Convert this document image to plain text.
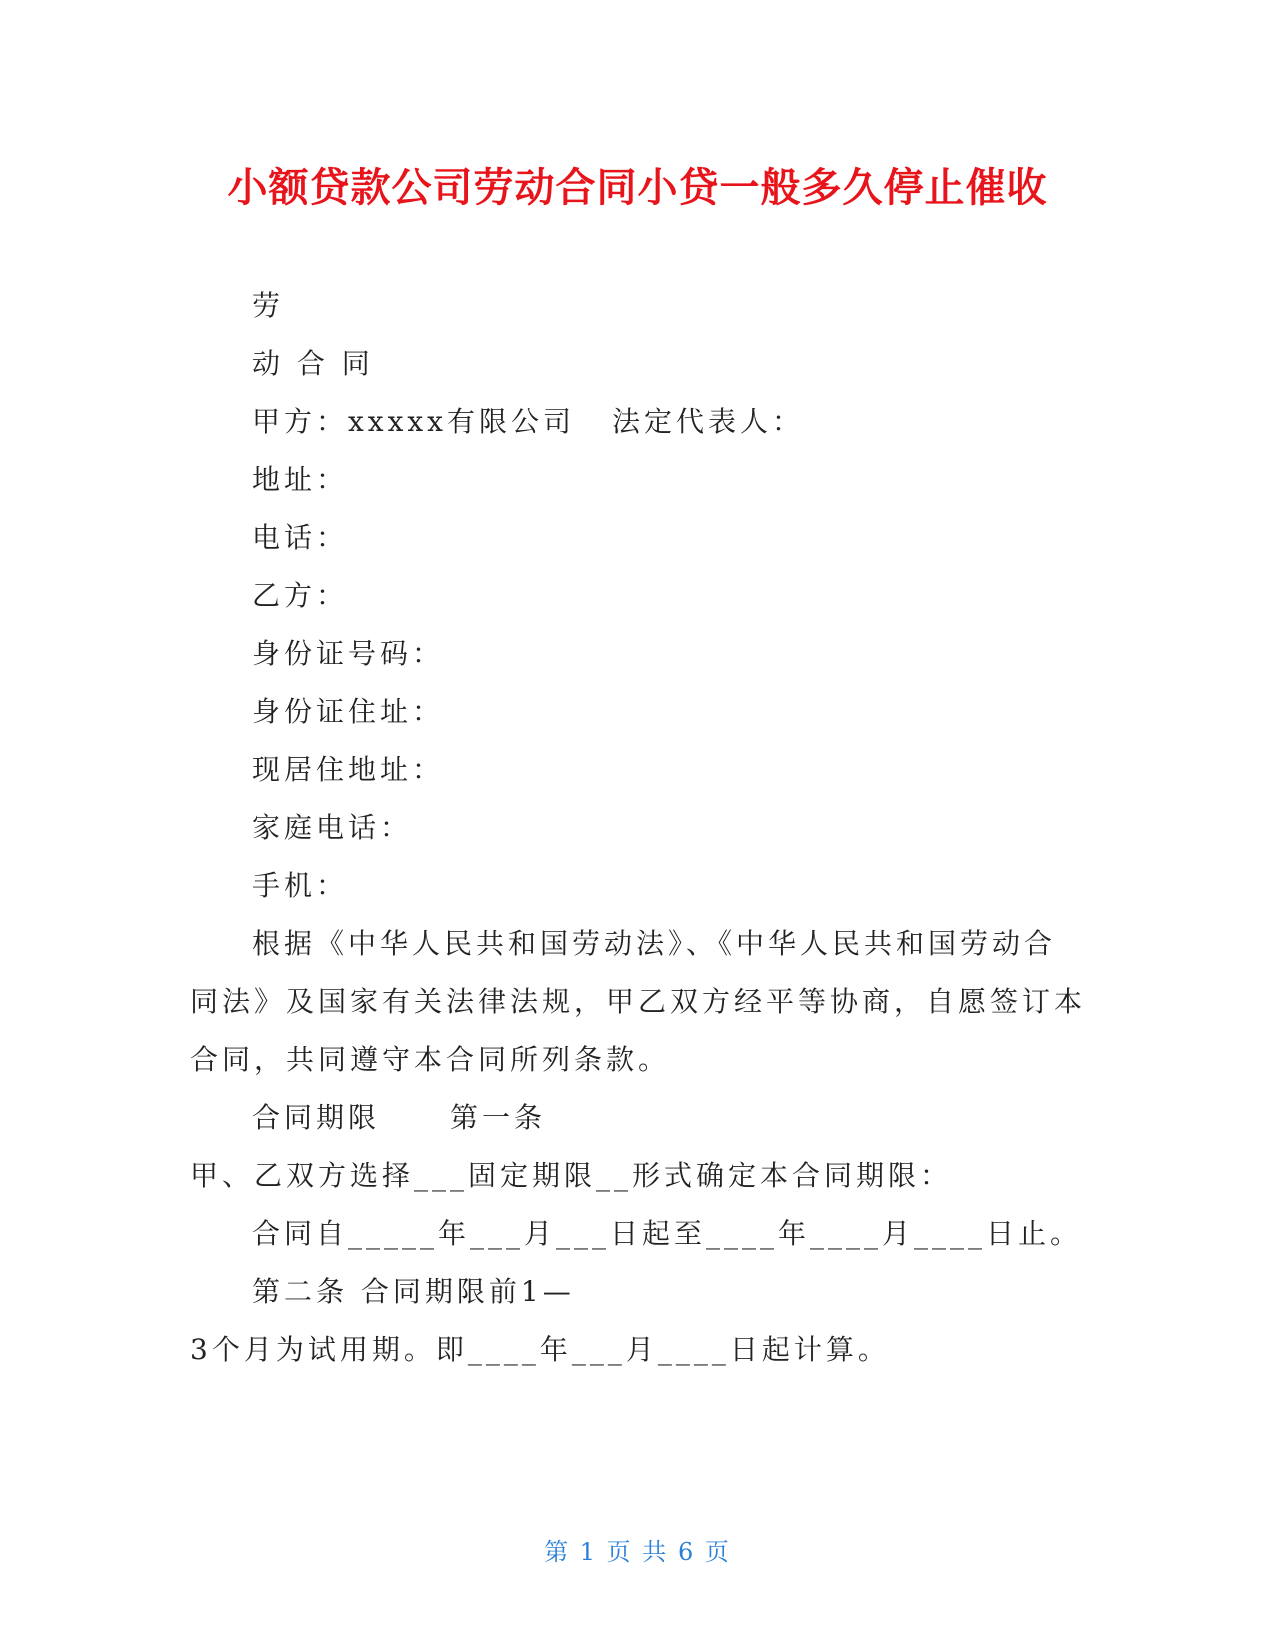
小额贷款公司劳动合同小贷一般多久停止催收
劳
动 合 同
甲方：xxxxx有限公司 法定代表人：
地址：
电话：
乙方：
身份证号码：
身份证住址：
现居住地址：
家庭电话：
手机：
根据《中华人民共和国劳动法》、《中华人民共和国劳动合
同法》及国家有关法律法规，甲乙双方经平等协商，自愿签订本
合同，共同遵守本合同所列条款。
合同期限 第一条
甲、乙双方选择___固定期限__形式确定本合同期限：
合同自_____年___月___日起至____年____月____日止。
第二条 合同期限前1—
3个月为试用期。即____年___月____日起计算。
第 1 页 共 6 页
